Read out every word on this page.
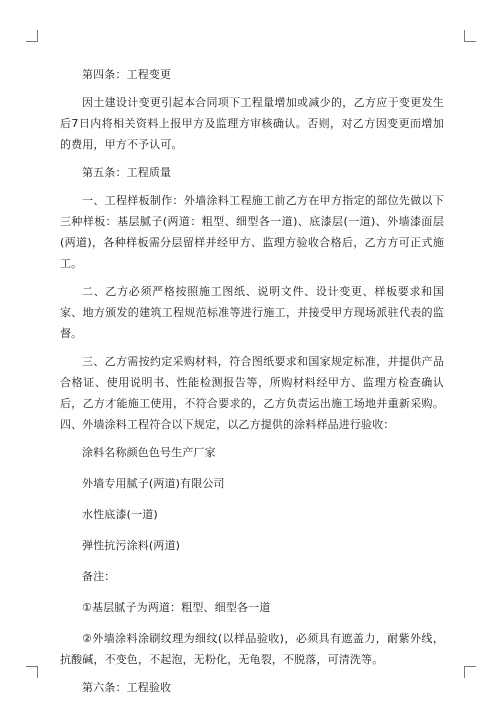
第四条：工程变更

因土建设计变更引起本合同项下工程量增加或减少的，乙方应于变更发生后7日内将相关资料上报甲方及监理方审核确认。否则，对乙方因变更而增加的费用，甲方不予认可。

第五条：工程质量

一、工程样板制作：外墙涂料工程施工前乙方在甲方指定的部位先做以下三种样板：基层腻子(两道：粗型、细型各一道)、底漆层(一道)、外墙漆面层(两道)，各种样板需分层留样并经甲方、监理方验收合格后，乙方方可正式施工。

二、乙方必须严格按照施工图纸、说明文件、设计变更、样板要求和国家、地方颁发的建筑工程规范标准等进行施工，并接受甲方现场派驻代表的监督。

三、乙方需按约定采购材料，符合图纸要求和国家规定标准，并提供产品合格证、使用说明书、性能检测报告等，所购材料经甲方、监理方检查确认后，乙方才能施工使用，不符合要求的，乙方负责运出施工场地并重新采购。四、外墙涂料工程符合以下规定，以乙方提供的涂料样品进行验收：

涂料名称颜色色号生产厂家

外墙专用腻子(两道)有限公司

水性底漆(一道)

弹性抗污涂料(两道)

备注：

①基层腻子为两道：粗型、细型各一道

②外墙涂料涂刷纹理为细纹(以样品验收)，必须具有遮盖力，耐紫外线，抗酸碱，不变色，不起泡，无粉化，无龟裂，不脱落，可清洗等。

第六条：工程验收
